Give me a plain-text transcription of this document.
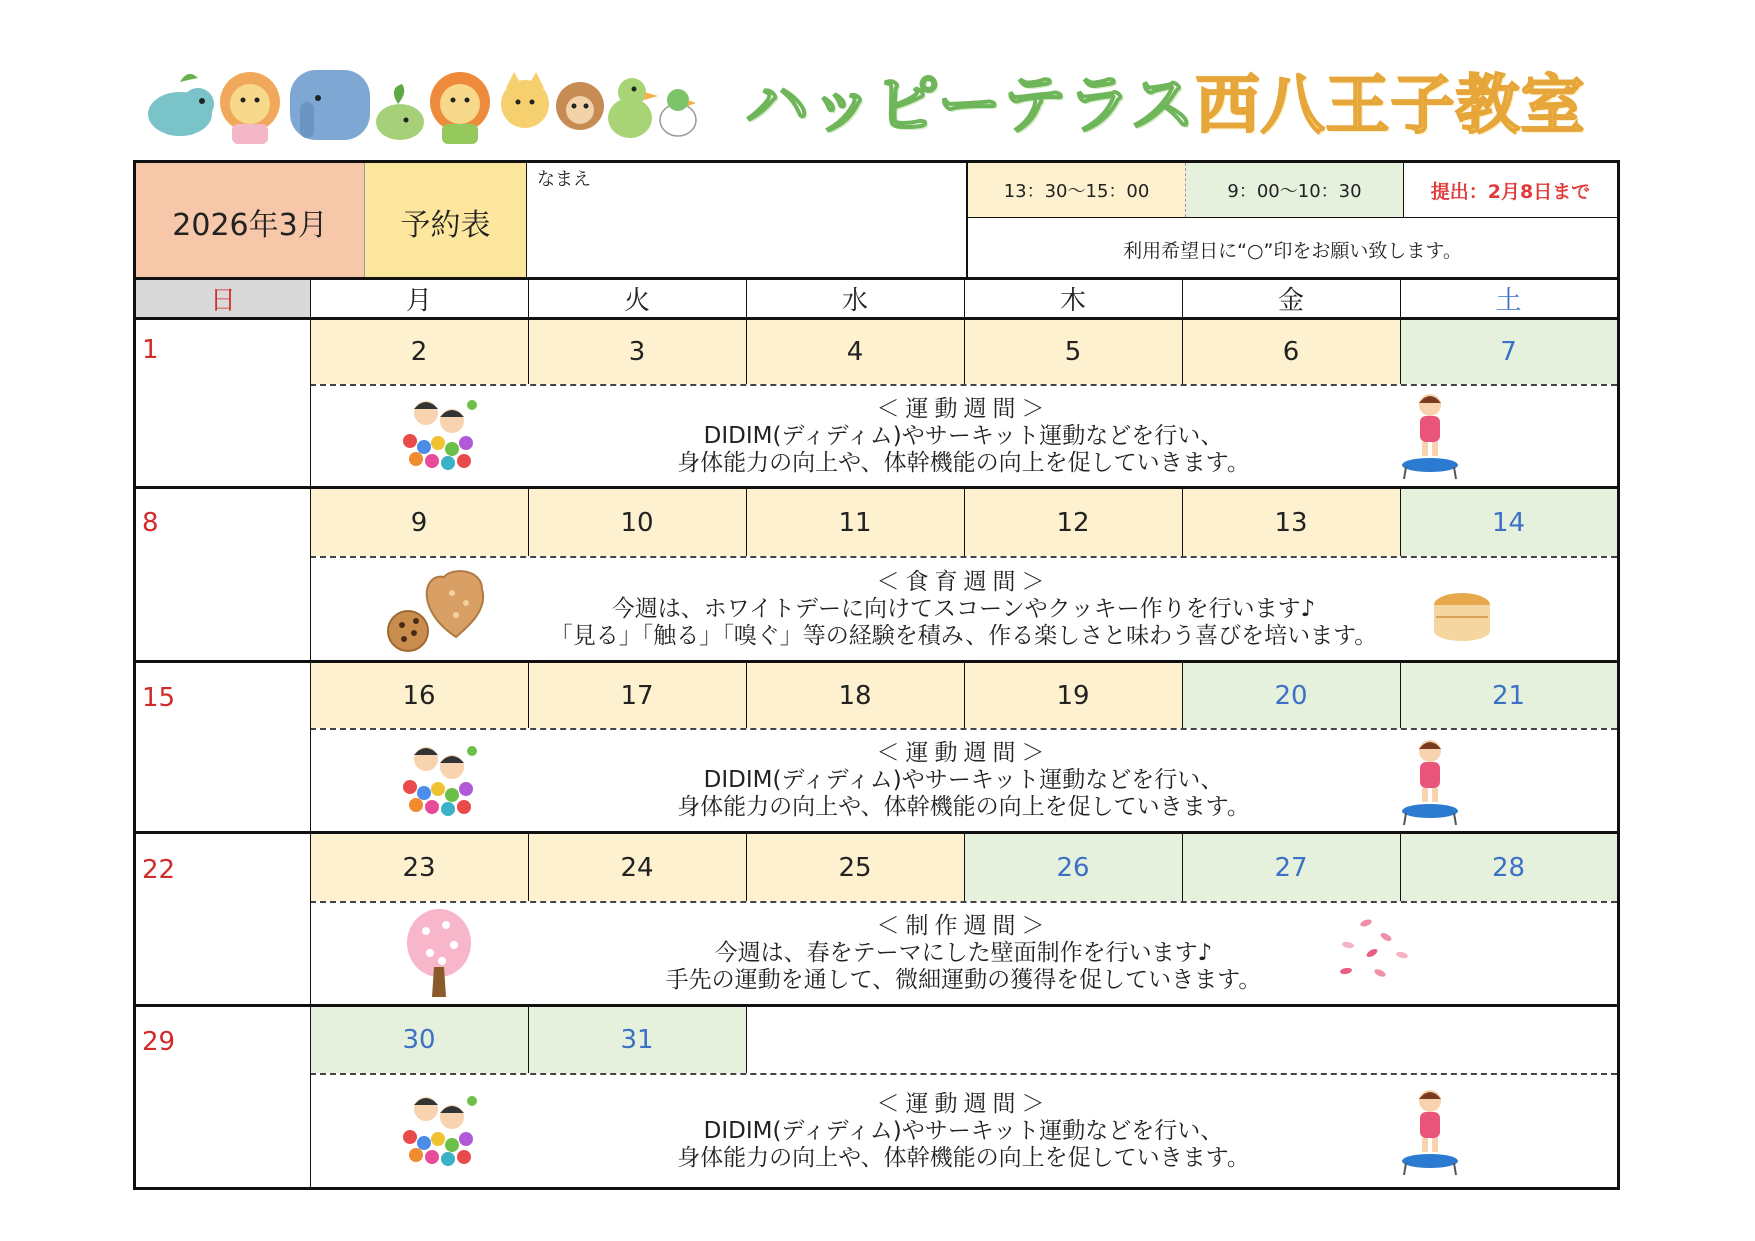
ハッピーテラス西八王子教室
2026年3月	予約表
なまえ
13：30～15：00	9：00～10：30	提出：2月8日まで
利用希望日に“○”印をお願い致します。
日	月	火	水	木	金	土
1	2	3	4	5	6	7
＜運動週間＞
DIDIM(ディディム)やサーキット運動などを行い、
身体能力の向上や、体幹機能の向上を促していきます。
8	9	10	11	12	13	14
＜食育週間＞
今週は、ホワイトデーに向けてスコーンやクッキー作りを行います♪
「見る」「触る」「嗅ぐ」等の経験を積み、作る楽しさと味わう喜びを培います。
15	16	17	18	19	20	21
＜運動週間＞
DIDIM(ディディム)やサーキット運動などを行い、
身体能力の向上や、体幹機能の向上を促していきます。
22	23	24	25	26	27	28
＜制作週間＞
今週は、春をテーマにした壁面制作を行います♪
手先の運動を通して、微細運動の獲得を促していきます。
29	30	31
＜運動週間＞
DIDIM(ディディム)やサーキット運動などを行い、
身体能力の向上や、体幹機能の向上を促していきます。
